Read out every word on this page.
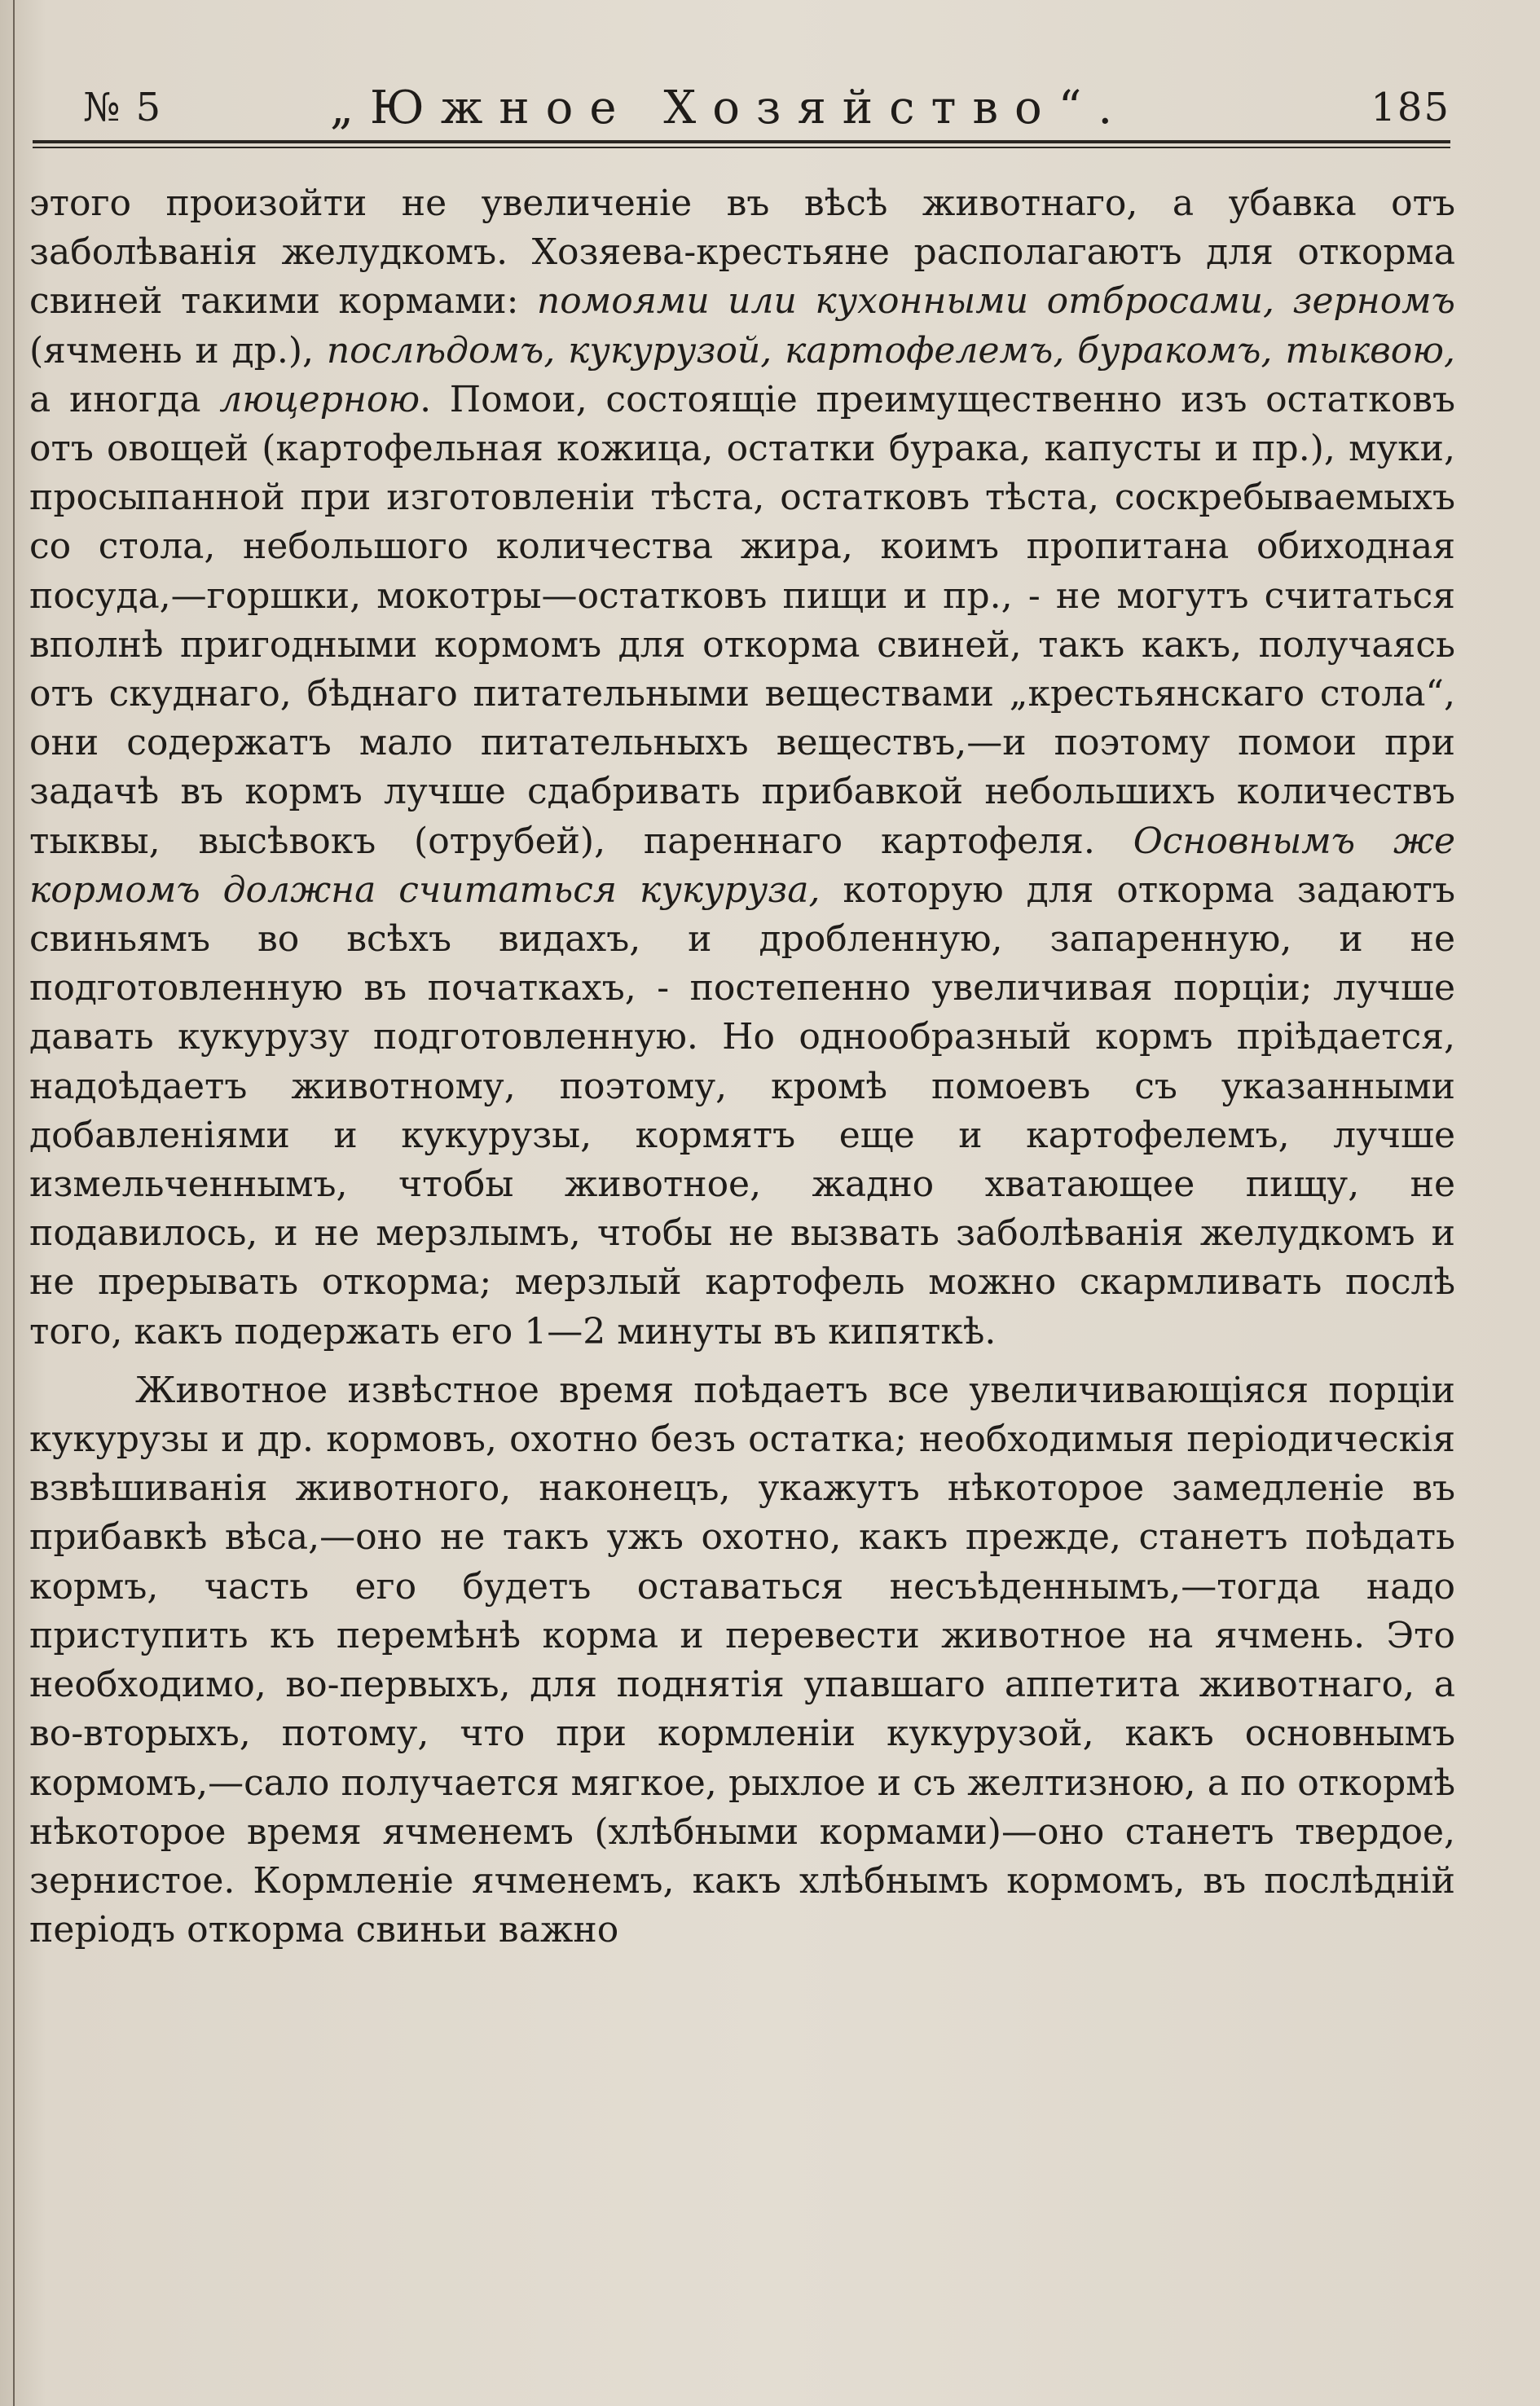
№ 5	„Южное Хозяйство“.	185

этого произойти не увеличеніе въ вѣсѣ животнаго, а убавка отъ заболѣванія желудкомъ. Хозяева-крестьяне располагаютъ для откорма свиней такими кормами: помоями или кухонными отбросами, зерномъ (ячмень и др.), послѣдомъ, кукурузой, картофелемъ, буракомъ, тыквою, а иногда люцерною. Помои, состоящіе преимущественно изъ остатковъ отъ овощей (картофельная кожица, остатки бурака, капусты и пр.), муки, просыпанной при изготовленіи тѣста, остатковъ тѣста, соскребываемыхъ со стола, небольшого количества жира, коимъ пропитана обиходная посуда,—горшки, мокотры—остатковъ пищи и пр., - не могутъ считаться вполнѣ пригодными кормомъ для откорма свиней, такъ какъ, получаясь отъ скуднаго, бѣднаго питательными веществами „крестьянскаго стола“, они содержатъ мало питательныхъ веществъ,—и поэтому помои при задачѣ въ кормъ лучше сдабривать прибавкой небольшихъ количествъ тыквы, высѣвокъ (отрубей), пареннаго картофеля. Основнымъ же кормомъ должна считаться кукуруза, которую для откорма задаютъ свиньямъ во всѣхъ видахъ, и дробленную, запаренную, и не подготовленную въ початкахъ, - постепенно увеличивая порціи; лучше давать кукурузу подготовленную. Но однообразный кормъ пріѣдается, надоѣдаетъ животному, поэтому, кромѣ помоевъ съ указанными добавленіями и кукурузы, кормятъ еще и картофелемъ, лучше измельченнымъ, чтобы животное, жадно хватающее пищу, не подавилось, и не мерзлымъ, чтобы не вызвать заболѣванія желудкомъ и не прерывать откорма; мерзлый картофель можно скармливать послѣ того, какъ подержать его 1—2 минуты въ кипяткѣ.

Животное извѣстное время поѣдаетъ все увеличивающіяся порціи кукурузы и др. кормовъ, охотно безъ остатка; необходимыя періодическія взвѣшиванія животного, наконецъ, укажутъ нѣкоторое замедленіе въ прибавкѣ вѣса,—оно не такъ ужъ охотно, какъ прежде, станетъ поѣдать кормъ, часть его будетъ оставаться несъѣденнымъ,—тогда надо приступить къ перемѣнѣ корма и перевести животное на ячмень. Это необходимо, во-первыхъ, для поднятія упавшаго аппетита животнаго, а во-вторыхъ, потому, что при кормленіи кукурузой, какъ основнымъ кормомъ,—сало получается мягкое, рыхлое и съ желтизною, а по откормѣ нѣкоторое время ячменемъ (хлѣбными кормами)—оно станетъ твердое, зернистое. Кормленіе ячменемъ, какъ хлѣбнымъ кормомъ, въ послѣдній періодъ откорма свиньи важно
